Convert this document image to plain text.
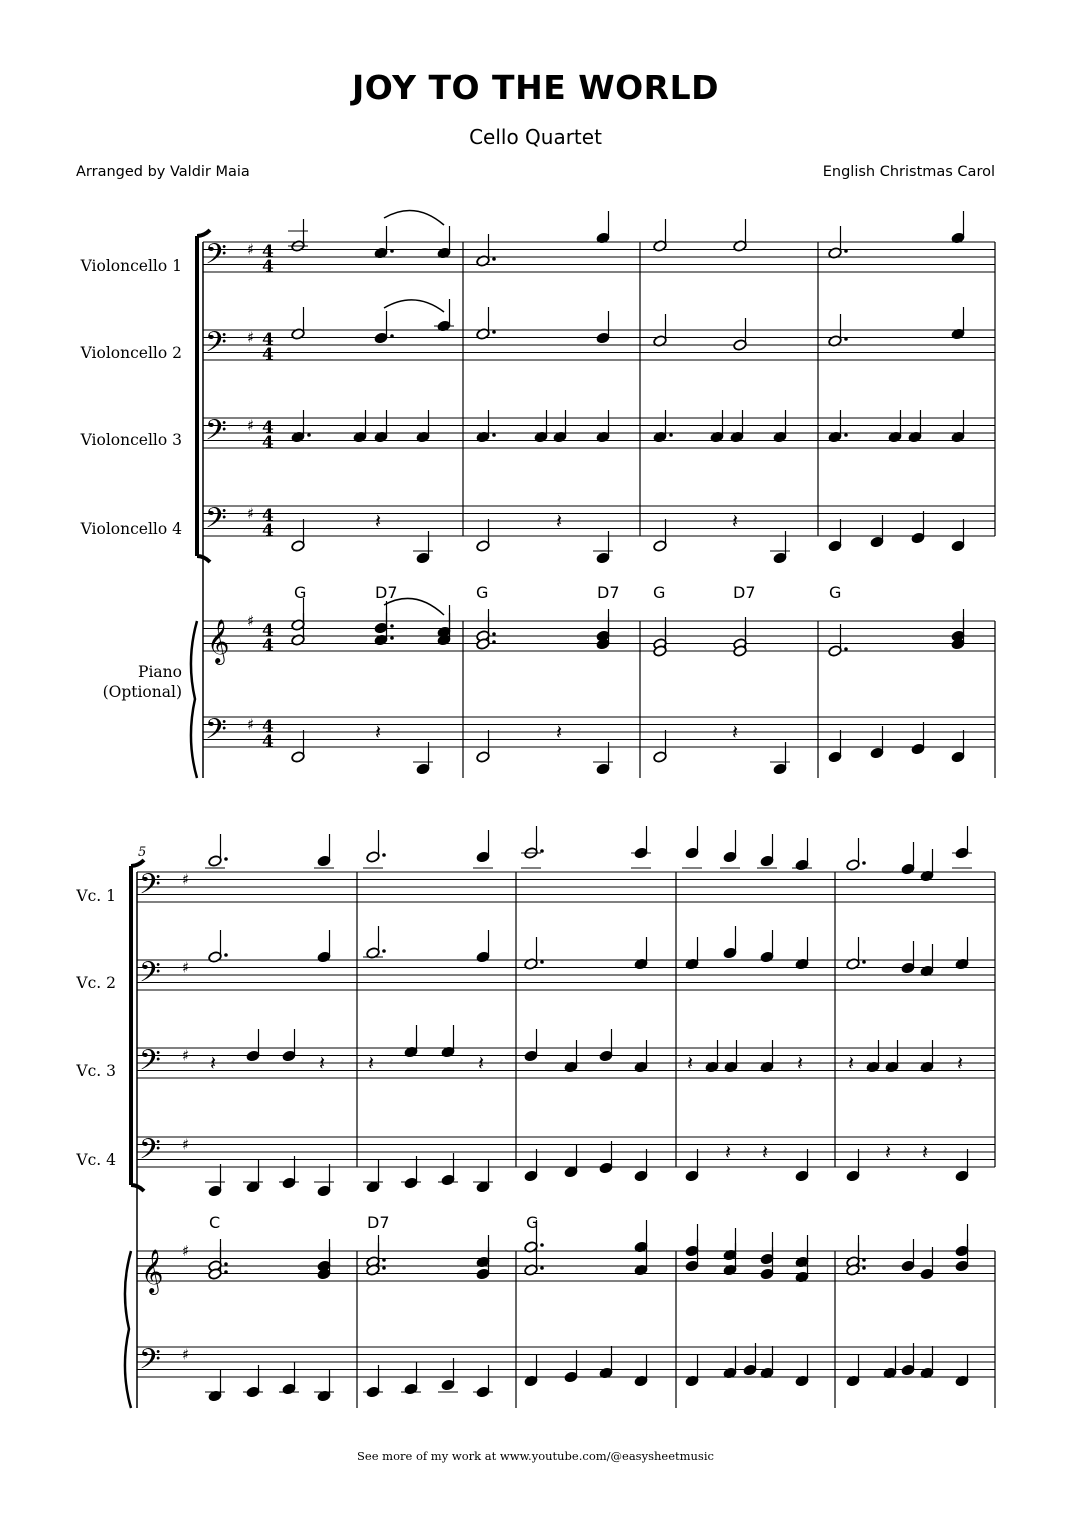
JOY TO THE WORLD
Cello Quartet
Arranged by Valdir Maia	English Christmas Carol
Violoncello 1
Violoncello 2
Violoncello 3
Violoncello 4
Piano
(Optional)
G	D7	G	D7 G	D7	G
5
Vc. 1
Vc. 2
Vc. 3
Vc. 4
C	D7	G
See more of my work at www.youtube.com/@easysheetmusic
𝄢 ♯ 4
4
𝄢 ♯ 4
4
𝄢 ♯ 4
4
𝄢 ♯ 4
4
𝄞 ♯ 4
4
𝄢 ♯ 4
4
𝄽	𝄽	𝄽
𝄽	𝄽	𝄽
𝄢 ♯
𝄢 ♯
𝄢 ♯
𝄢 ♯
𝄞 ♯
𝄢 ♯
𝄽	𝄽 𝄽	𝄽	𝄽	𝄽 𝄽	𝄽
𝄽 𝄽	𝄽 𝄽
